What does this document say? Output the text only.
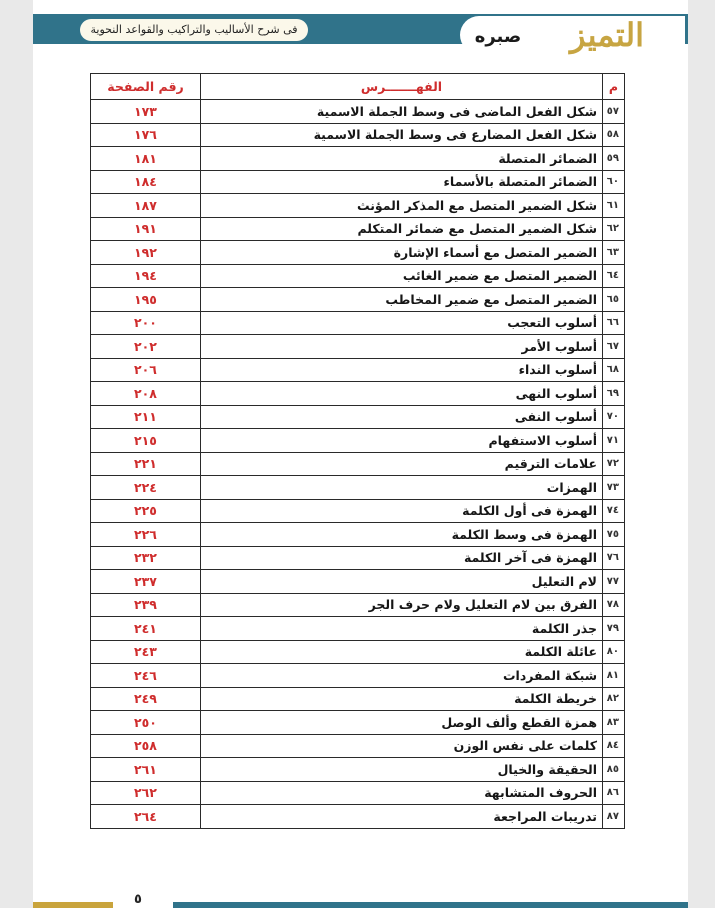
فى شرح الأساليب والتراكيب والقواعد النحوية	صبره	التميز
م	الفهـــــــرس	رقم الصفحة
٥٧	شكل الفعل الماضى فى وسط الجملة الاسمية	١٧٣
٥٨	شكل الفعل المضارع فى وسط الجملة الاسمية	١٧٦
٥٩	الضمائر المتصلة	١٨١
٦٠	الضمائر المتصلة بالأسماء	١٨٤
٦١	شكل الضمير المتصل مع المذكر المؤنث	١٨٧
٦٢	شكل الضمير المتصل مع ضمائر المتكلم	١٩١
٦٣	الضمير المتصل مع أسماء الإشارة	١٩٢
٦٤	الضمير المتصل مع ضمير الغائب	١٩٤
٦٥	الضمير المتصل مع ضمير المخاطب	١٩٥
٦٦	أسلوب التعجب	٢٠٠
٦٧	أسلوب الأمر	٢٠٢
٦٨	أسلوب النداء	٢٠٦
٦٩	أسلوب النهى	٢٠٨
٧٠	أسلوب النفى	٢١١
٧١	أسلوب الاستفهام	٢١٥
٧٢	علامات الترقيم	٢٢١
٧٣	الهمزات	٢٢٤
٧٤	الهمزة فى أول الكلمة	٢٢٥
٧٥	الهمزة فى وسط الكلمة	٢٢٦
٧٦	الهمزة فى آخر الكلمة	٢٣٢
٧٧	لام التعليل	٢٣٧
٧٨	الفرق بين لام التعليل ولام حرف الجر	٢٣٩
٧٩	جذر الكلمة	٢٤١
٨٠	عائلة الكلمة	٢٤٣
٨١	شبكة المفردات	٢٤٦
٨٢	خريطة الكلمة	٢٤٩
٨٣	همزة القطع وألف الوصل	٢٥٠
٨٤	كلمات على نفس الوزن	٢٥٨
٨٥	الحقيقة والخيال	٢٦١
٨٦	الحروف المتشابهة	٢٦٢
٨٧	تدريبات المراجعة	٢٦٤
٥
